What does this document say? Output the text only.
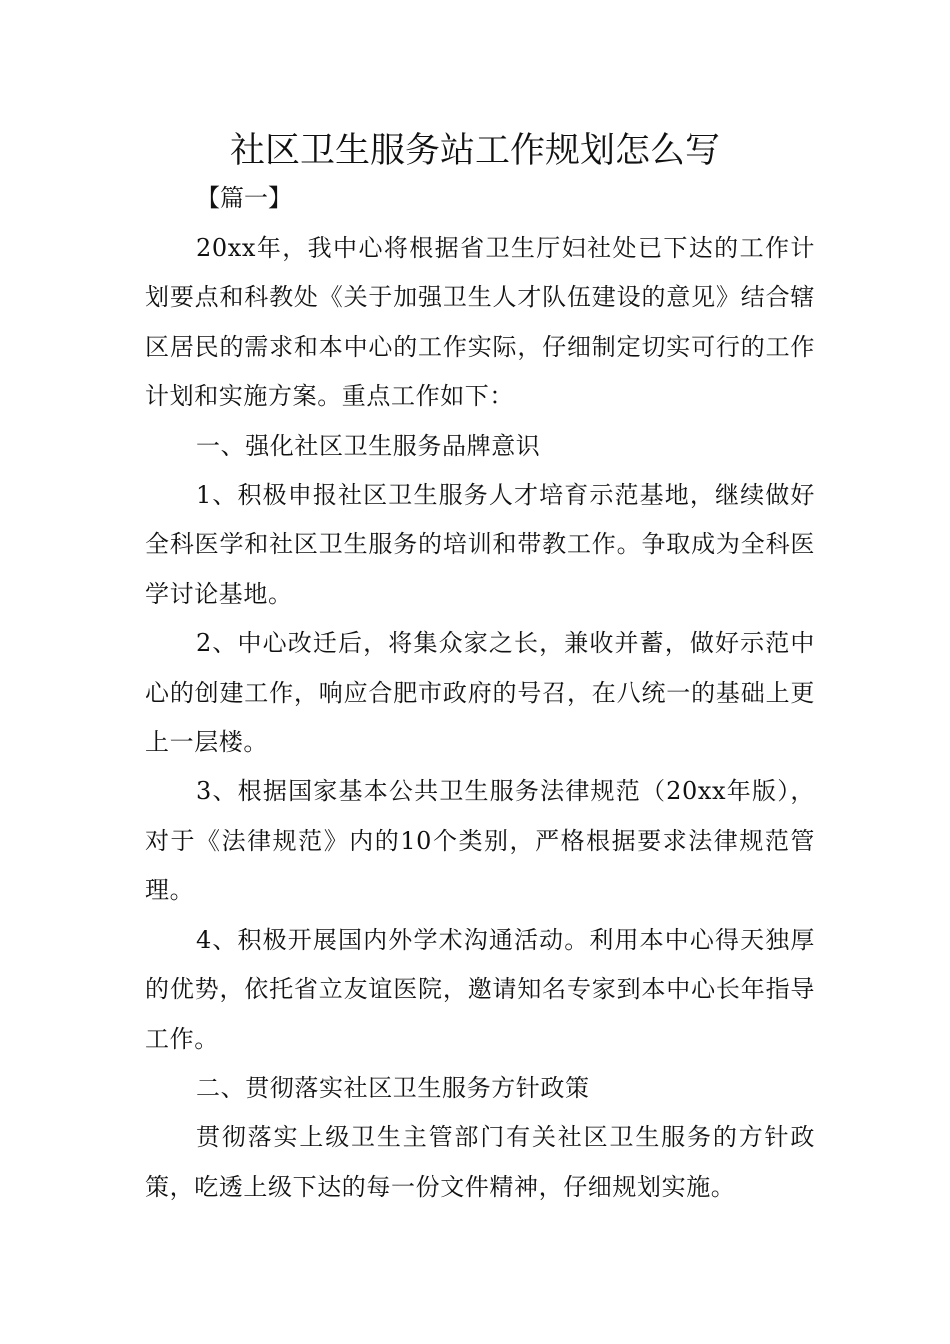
社区卫生服务站工作规划怎么写

【篇一】

20xx年，我中心将根据省卫生厅妇社处已下达的工作计划要点和科教处《关于加强卫生人才队伍建设的意见》结合辖区居民的需求和本中心的工作实际，仔细制定切实可行的工作计划和实施方案。重点工作如下：

一、强化社区卫生服务品牌意识

1、积极申报社区卫生服务人才培育示范基地，继续做好全科医学和社区卫生服务的培训和带教工作。争取成为全科医学讨论基地。

2、中心改迁后，将集众家之长，兼收并蓄，做好示范中心的创建工作，响应合肥市政府的号召，在八统一的基础上更上一层楼。

3、根据国家基本公共卫生服务法律规范（20xx年版），对于《法律规范》内的10个类别，严格根据要求法律规范管理。

4、积极开展国内外学术沟通活动。利用本中心得天独厚的优势，依托省立友谊医院，邀请知名专家到本中心长年指导工作。

二、贯彻落实社区卫生服务方针政策

贯彻落实上级卫生主管部门有关社区卫生服务的方针政策，吃透上级下达的每一份文件精神，仔细规划实施。
